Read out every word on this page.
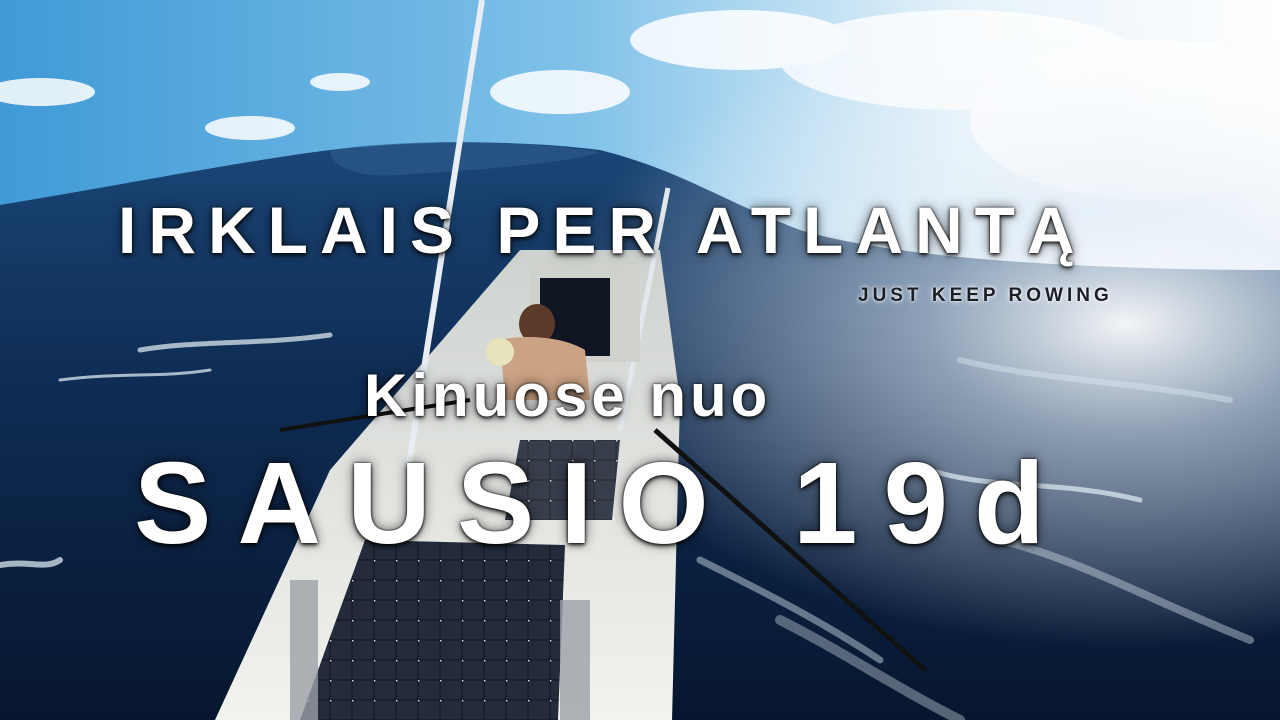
IRKLAIS PER ATLANTĄ
JUST KEEP ROWING
Kinuose nuo
SAUSIO 19d
